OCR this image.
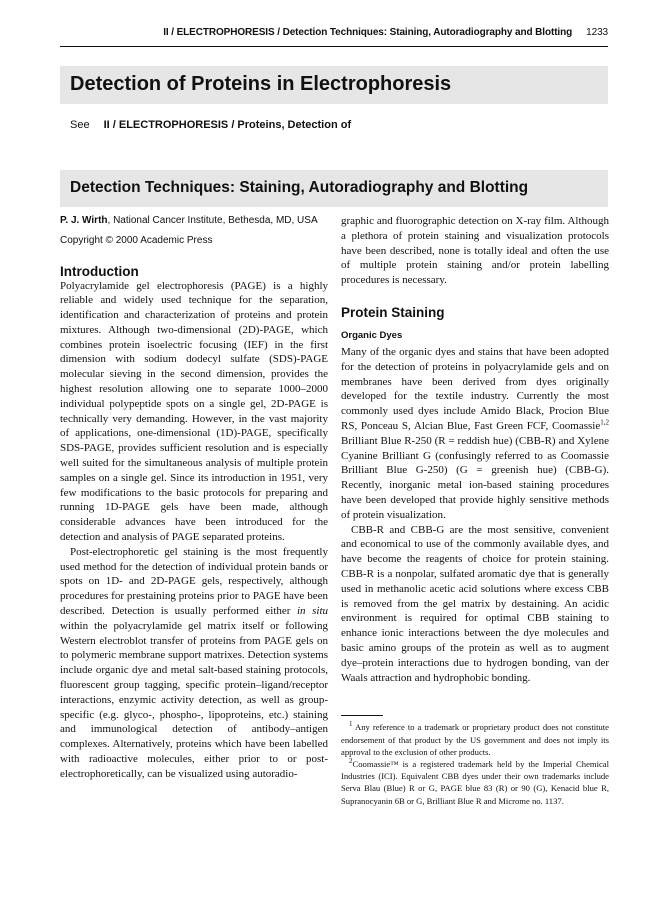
II / ELECTROPHORESIS / Detection Techniques: Staining, Autoradiography and Blotting 1233
Detection of Proteins in Electrophoresis
See II / ELECTROPHORESIS / Proteins, Detection of
Detection Techniques: Staining, Autoradiography and Blotting
P. J. Wirth, National Cancer Institute, Bethesda, MD, USA
Copyright © 2000 Academic Press
Introduction

Polyacrylamide gel electrophoresis (PAGE) is a highly reliable and widely used technique for the separation, identification and characterization of proteins and protein mixtures. Although two-dimensional (2D)-PAGE, which combines protein isoelectric focusing (IEF) in the first dimension with sodium dodecyl sulfate (SDS)-PAGE molecular sieving in the second dimension, provides the highest resolution allowing one to separate 1000–2000 individual polypeptide spots on a single gel, 2D-PAGE is technically very demanding. However, in the vast majority of applications, one-dimensional (1D)-PAGE, specifically SDS-PAGE, provides sufficient resolution and is especially well suited for the simultaneous analysis of multiple protein samples on a single gel. Since its introduction in 1951, very few modifications to the basic protocols for preparing and running 1D-PAGE gels have been made, although considerable advances have been introduced for the detection and analysis of PAGE separated proteins.

Post-electrophoretic gel staining is the most frequently used method for the detection of individual protein bands or spots on 1D- and 2D-PAGE gels, respectively, although procedures for prestaining proteins prior to PAGE have been described. Detection is usually performed either in situ within the polyacrylamide gel matrix itself or following Western electroblot transfer of proteins from PAGE gels on to polymeric membrane support matrixes. Detection systems include organic dye and metal salt-based staining protocols, fluorescent group tagging, specific protein–ligand/receptor interactions, enzymic activity detection, as well as group-specific (e.g. glyco-, phospho-, lipoproteins, etc.) staining and immunological detection of antibody–antigen complexes. Alternatively, proteins which have been labelled with radioactive molecules, either prior to or post-electrophoretically, can be visualized using autoradio-

graphic and fluorographic detection on X-ray film. Although a plethora of protein staining and visualization protocols have been described, none is totally ideal and often the use of multiple protein staining and/or protein labelling procedures is necessary.

Protein Staining
Organic Dyes

Many of the organic dyes and stains that have been adopted for the detection of proteins in polyacrylamide gels and on membranes have been derived from dyes originally developed for the textile industry. Currently the most commonly used dyes include Amido Black, Procion Blue RS, Ponceau S, Alcian Blue, Fast Green FCF, Coomassie$^{1,2}$ Brilliant Blue R-250 (R = reddish hue) (CBB-R) and Xylene Cyanine Brilliant G (confusingly referred to as Coomassie Brilliant Blue G-250) (G = greenish hue) (CBB-G). Recently, inorganic metal ion-based staining procedures have been developed that provide highly sensitive methods of protein visualization.

CBB-R and CBB-G are the most sensitive, convenient and economical to use of the commonly available dyes, and have become the reagents of choice for protein staining. CBB-R is a nonpolar, sulfated aromatic dye that is generally used in methanolic acetic acid solutions where excess CBB is removed from the gel matrix by destaining. An acidic environment is required for optimal CBB staining to enhance ionic interactions between the dye molecules and basic amino groups of the protein as well as to augment dye–protein interactions due to hydrogen bonding, van der Waals attraction and hydrophobic bonding.

$^1$ Any reference to a trademark or proprietary product does not constitute endorsement of that product by the US government and does not imply its approval to the exclusion of other products.

$^2$Coomassie™ is a registered trademark held by the Imperial Chemical Industries (ICI). Equivalent CBB dyes under their own trademarks include Serva Blau (Blue) R or G, PAGE blue 83 (R) or 90 (G), Kenacid blue R, Supranocyanin 6B or G, Brilliant Blue R and Microme no. 1137.
